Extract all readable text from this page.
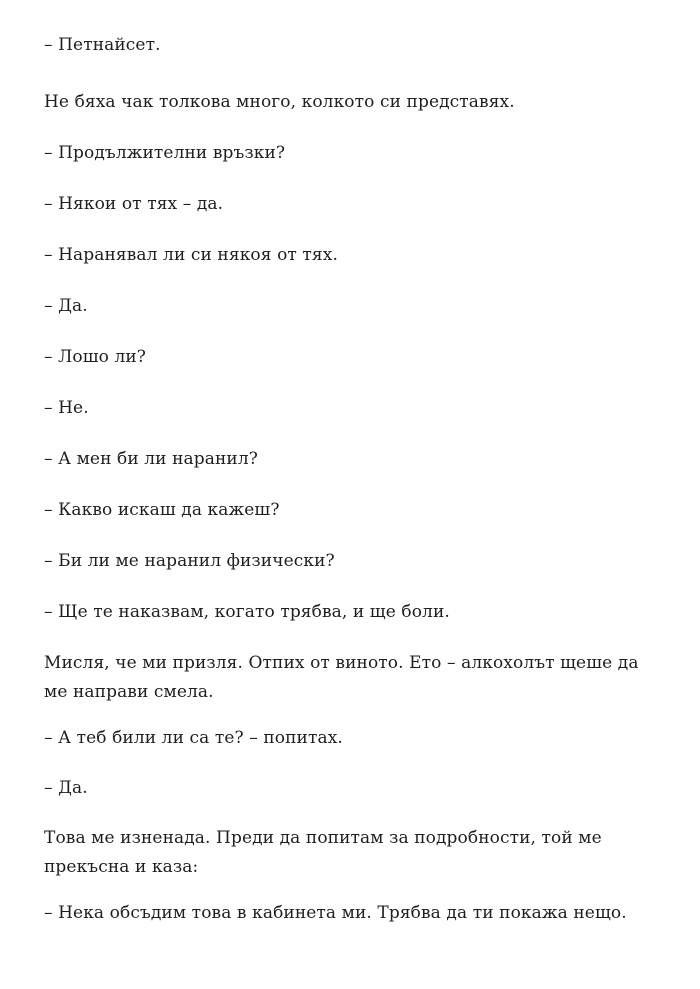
– Петнайсет.

Не бяха чак толкова много, колкото си представях.

– Продължителни връзки?

– Някои от тях – да.

– Наранявал ли си някоя от тях.

– Да.

– Лошо ли?

– Не.

– А мен би ли наранил?

– Какво искаш да кажеш?

– Би ли ме наранил физически?

– Ще те наказвам, когато трябва, и ще боли.

Мисля, че ми призля. Отпих от виното. Ето – алкохолът щеше да ме направи смела.

– А теб били ли са те? – попитах.

– Да.

Това ме изненада. Преди да попитам за подробности, той ме прекъсна и каза:

– Нека обсъдим това в кабинета ми. Трябва да ти покажа нещо.
